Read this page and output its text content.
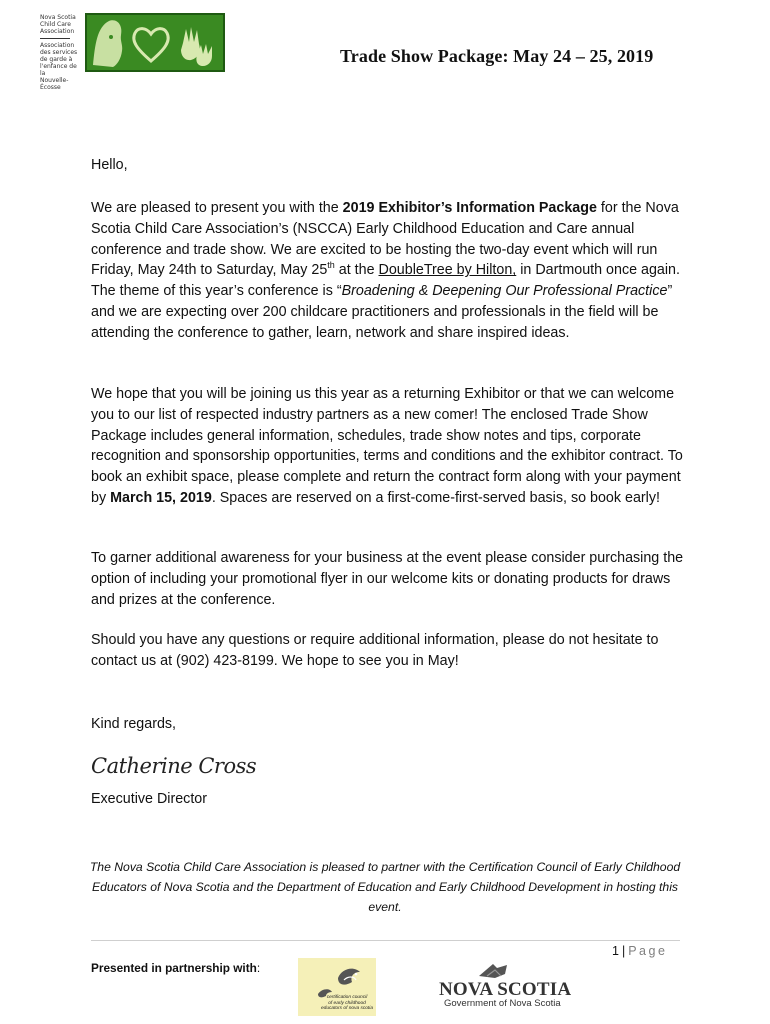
Nova Scotia
Child Care
Association
Association
des services
de garde à
l'enfance de la
Nouvelle-Écosse
Trade Show Package: May 24 – 25, 2019
Hello,
We are pleased to present you with the 2019 Exhibitor’s Information Package for the Nova Scotia Child Care Association’s (NSCCA) Early Childhood Education and Care annual conference and trade show. We are excited to be hosting the two-day event which will run Friday, May 24th to Saturday, May 25th at the DoubleTree by Hilton, in Dartmouth once again. The theme of this year’s conference is “Broadening & Deepening Our Professional Practice” and we are expecting over 200 childcare practitioners and professionals in the field will be attending the conference to gather, learn, network and share inspired ideas.
We hope that you will be joining us this year as a returning Exhibitor or that we can welcome you to our list of respected industry partners as a new comer! The enclosed Trade Show Package includes general information, schedules, trade show notes and tips, corporate recognition and sponsorship opportunities, terms and conditions and the exhibitor contract. To book an exhibit space, please complete and return the contract form along with your payment by March 15, 2019. Spaces are reserved on a first-come-first-served basis, so book early!
To garner additional awareness for your business at the event please consider purchasing the option of including your promotional flyer in our welcome kits or donating products for draws and prizes at the conference.
Should you have any questions or require additional information, please do not hesitate to contact us at (902) 423-8199. We hope to see you in May!
Kind regards,
Catherine Cross
Executive Director
The Nova Scotia Child Care Association is pleased to partner with the Certification Council of Early Childhood Educators of Nova Scotia and the Department of Education and Early Childhood Development in hosting this event.
1 | Page
Presented in partnership with:
certification council
of early childhood
educators of nova scotia
NOVA SCOTIA
Government of Nova Scotia
